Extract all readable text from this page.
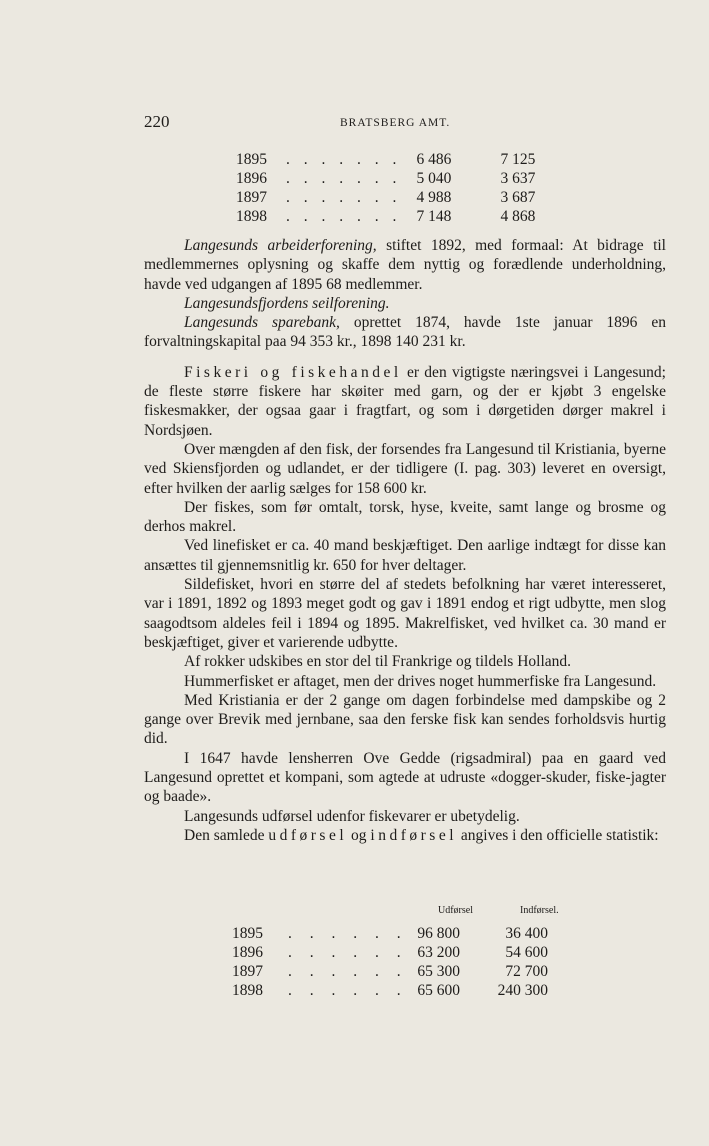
220	BRATSBERG AMT.
1895	. . . . . . .	6 486	7 125
1896	. . . . . . .	5 040	3 637
1897	. . . . . . .	4 988	3 687
1898	. . . . . . .	7 148	4 868

Langesunds arbeiderforening, stiftet 1892, med formaal: At bidrage til medlemmernes oplysning og skaffe dem nyttig og forædlende underholdning, havde ved udgangen af 1895 68 medlemmer.

Langesundsfjordens seilforening.

Langesunds sparebank, oprettet 1874, havde 1ste januar 1896 en forvaltningskapital paa 94 353 kr., 1898 140 231 kr.

Fiskeri og fiskehandel er den vigtigste næringsvei i Langesund; de fleste større fiskere har skøiter med garn, og der er kjøbt 3 engelske fiskesmakker, der ogsaa gaar i fragtfart, og som i dørgetiden dørger makrel i Nordsjøen.

Over mængden af den fisk, der forsendes fra Langesund til Kristiania, byerne ved Skiensfjorden og udlandet, er der tidligere (I. pag. 303) leveret en oversigt, efter hvilken der aarlig sælges for 158 600 kr.

Der fiskes, som før omtalt, torsk, hyse, kveite, samt lange og brosme og derhos makrel.

Ved linefisket er ca. 40 mand beskjæftiget. Den aarlige indtægt for disse kan ansættes til gjennemsnitlig kr. 650 for hver deltager.

Sildefisket, hvori en større del af stedets befolkning har været interesseret, var i 1891, 1892 og 1893 meget godt og gav i 1891 endog et rigt udbytte, men slog saagodtsom aldeles feil i 1894 og 1895. Makrelfisket, ved hvilket ca. 30 mand er beskjæftiget, giver et varierende udbytte.

Af rokker udskibes en stor del til Frankrige og tildels Holland.

Hummerfisket er aftaget, men der drives noget hummerfiske fra Langesund.

Med Kristiania er der 2 gange om dagen forbindelse med dampskibe og 2 gange over Brevik med jernbane, saa den ferske fisk kan sendes forholdsvis hurtig did.

I 1647 havde lensherren Ove Gedde (rigsadmiral) paa en gaard ved Langesund oprettet et kompani, som agtede at udruste «dogger-skuder, fiske-jagter og baade».

Langesunds udførsel udenfor fiskevarer er ubetydelig.

Den samlede udførsel og indførsel angives i den officielle statistik:

Udførsel	Indførsel.
1895	. . . . . .	96 800	36 400
1896	. . . . . .	63 200	54 600
1897	. . . . . .	65 300	72 700
1898	. . . . . .	65 600	240 300
